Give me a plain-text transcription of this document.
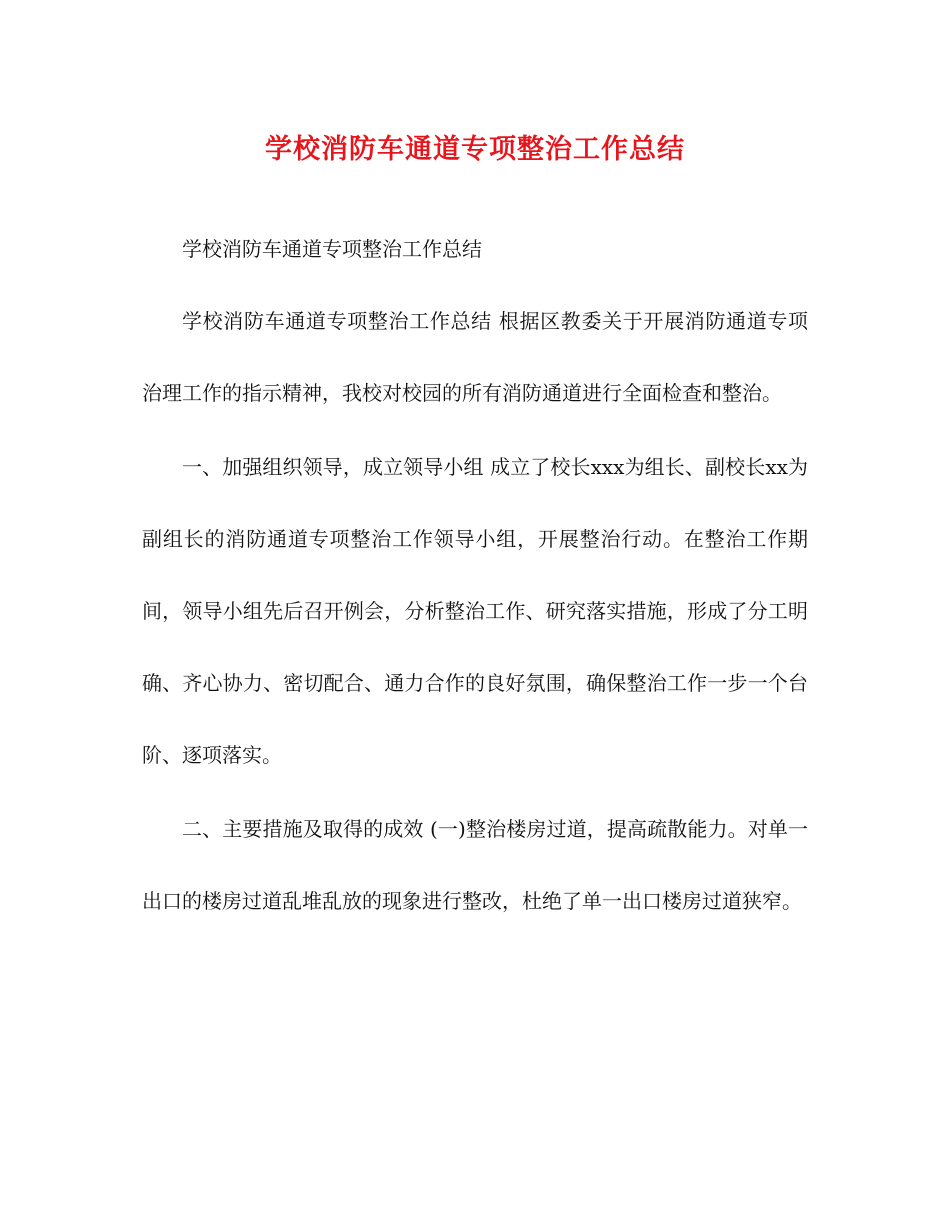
学校消防车通道专项整治工作总结

学校消防车通道专项整治工作总结

学校消防车通道专项整治工作总结 根据区教委关于开展消防通道专项治理工作的指示精神，我校对校园的所有消防通道进行全面检查和整治。

一、加强组织领导，成立领导小组 成立了校长xxx为组长、副校长xx为副组长的消防通道专项整治工作领导小组，开展整治行动。在整治工作期间，领导小组先后召开例会，分析整治工作、研究落实措施，形成了分工明确、齐心协力、密切配合、通力合作的良好氛围，确保整治工作一步一个台阶、逐项落实。

二、主要措施及取得的成效 (一)整治楼房过道，提高疏散能力。对单一出口的楼房过道乱堆乱放的现象进行整改，杜绝了单一出口楼房过道狭窄。
